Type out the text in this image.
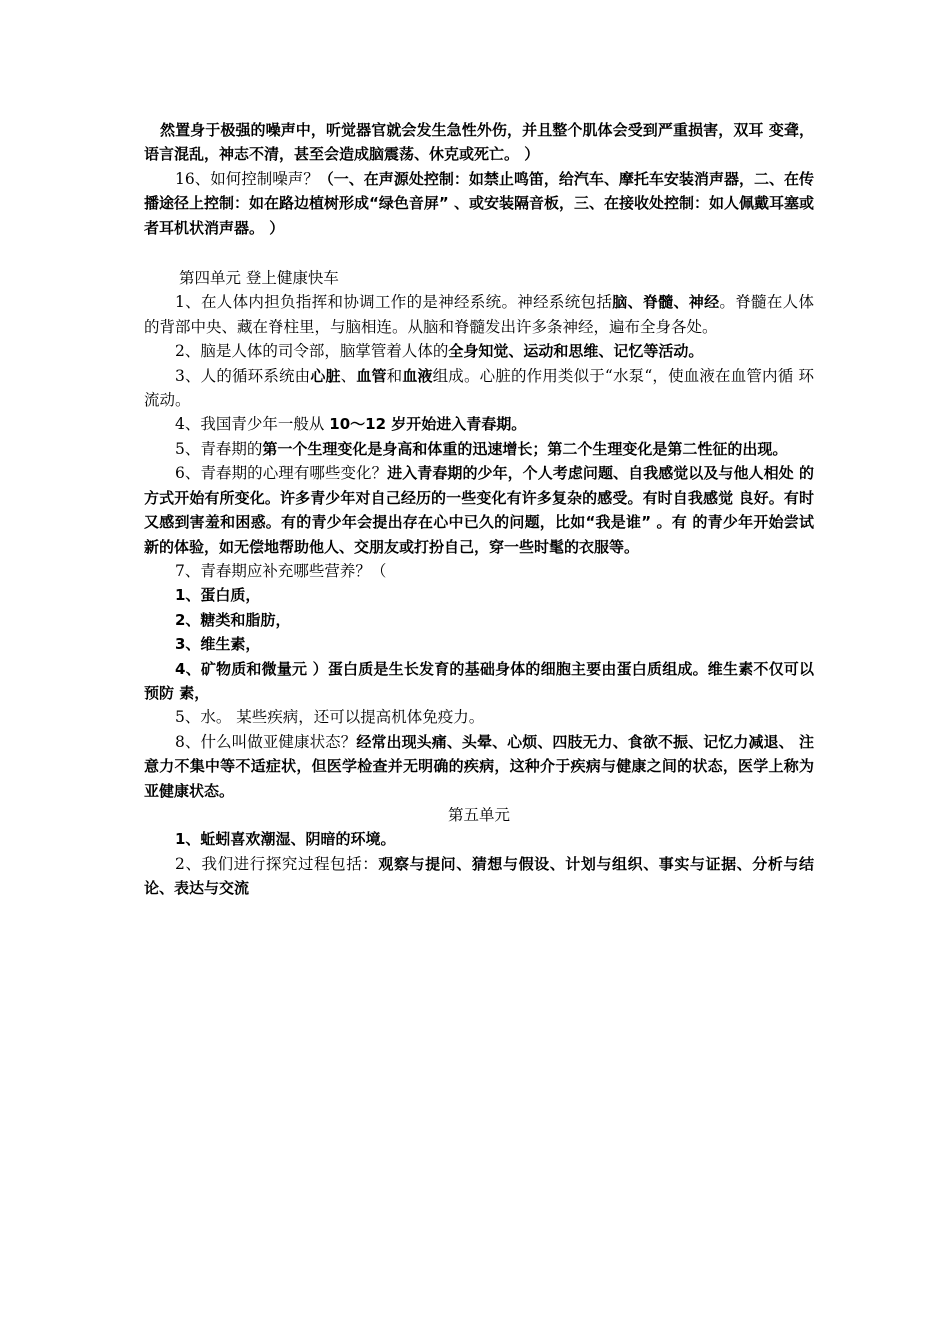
然置身于极强的噪声中，听觉器官就会发生急性外伤，并且整个肌体会受到严重损害，双耳 变聋，语言混乱，神志不清，甚至会造成脑震荡、休克或死亡。 ）

16、如何控制噪声？（一、在声源处控制：如禁止鸣笛，给汽车、摩托车安装消声器，二、在传播途径上控制：如在路边植树形成“绿色音屏” 、或安装隔音板，三、在接收处控制：如人佩戴耳塞或者耳机状消声器。 ）

第四单元 登上健康快车

1、在人体内担负指挥和协调工作的是神经系统。神经系统包括脑、脊髓、神经。脊髓在人体 的背部中央、藏在脊柱里，与脑相连。从脑和脊髓发出许多条神经，遍布全身各处。

2、脑是人体的司令部，脑掌管着人体的全身知觉、运动和思维、记忆等活动。

3、人的循环系统由心脏、血管和血液组成。心脏的作用类似于“水泵“，使血液在血管内循 环流动。

4、我国青少年一般从 10～12 岁开始进入青春期。

5、青春期的第一个生理变化是身高和体重的迅速增长；第二个生理变化是第二性征的出现。

6、青春期的心理有哪些变化？进入青春期的少年，个人考虑问题、自我感觉以及与他人相处 的方式开始有所变化。许多青少年对自己经历的一些变化有许多复杂的感受。有时自我感觉 良好。有时又感到害羞和困惑。有的青少年会提出存在心中已久的问题，比如“我是谁” 。有 的青少年开始尝试新的体验，如无偿地帮助他人、交朋友或打扮自己，穿一些时髦的衣服等。

7、青春期应补充哪些营养？（

1、蛋白质，

2、糖类和脂肪，

3、维生素，

4、矿物质和微量元 ）蛋白质是生长发育的基础身体的细胞主要由蛋白质组成。维生素不仅可以预防 素，

5、水。 某些疾病，还可以提高机体免疫力。

8、什么叫做亚健康状态？经常出现头痛、头晕、心烦、四肢无力、食欲不振、记忆力减退、 注意力不集中等不适症状，但医学检查并无明确的疾病，这种介于疾病与健康之间的状态，医学上称为亚健康状态。

第五单元

1、蚯蚓喜欢潮湿、阴暗的环境。

2、我们进行探究过程包括：观察与提问、猜想与假设、计划与组织、事实与证据、分析与结 论、表达与交流
